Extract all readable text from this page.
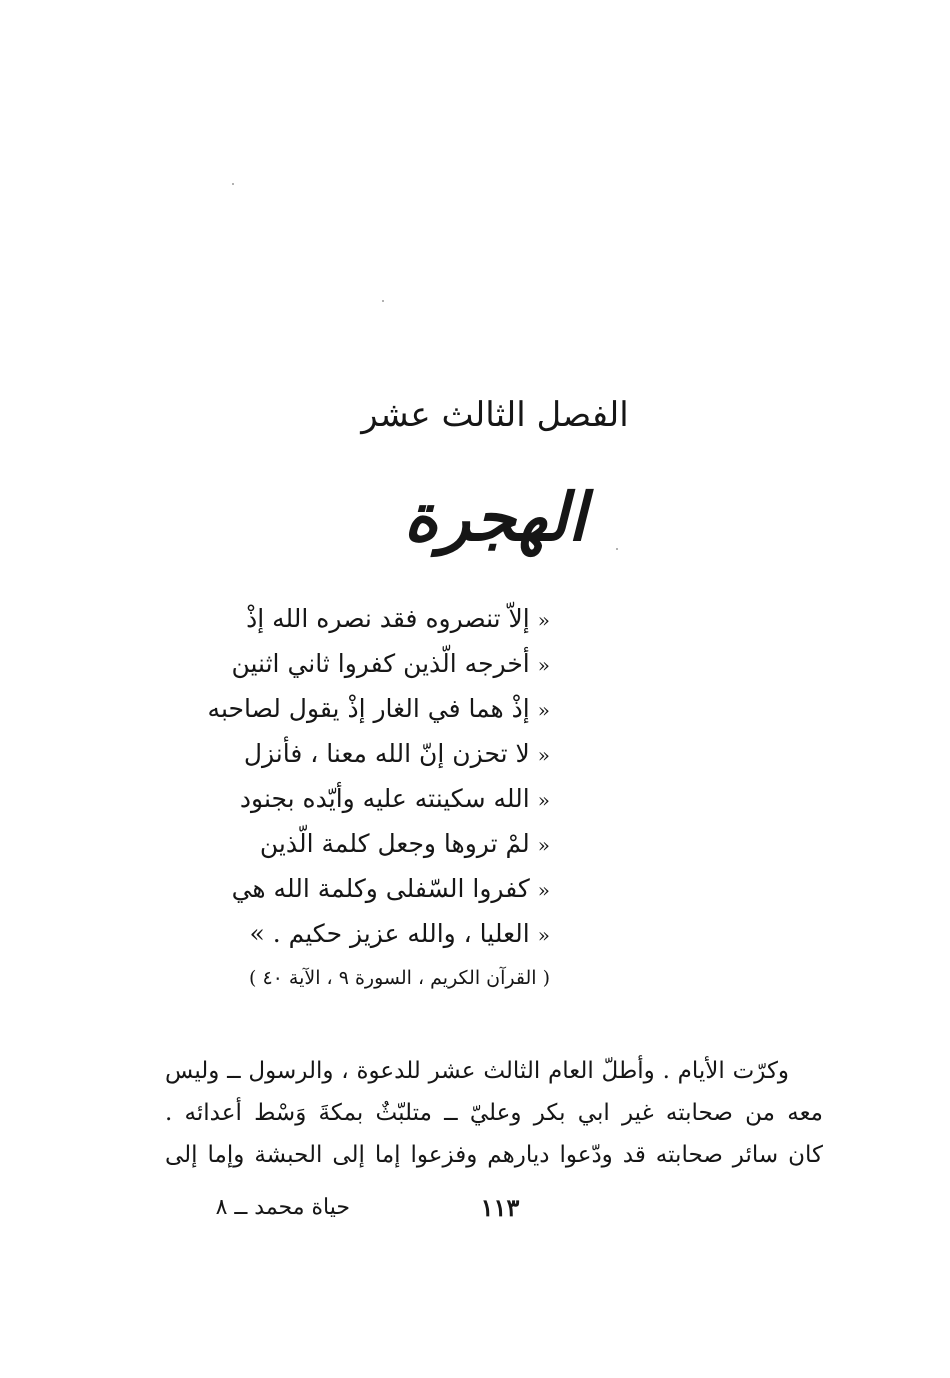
الفصل الثالث عشر
الهجرة
«إلاّ تنصروه فقد نصره الله إذْ
«أخرجه الّذين كفروا ثاني اثنين
«إذْ هما في الغار إذْ يقول لصاحبه
«لا تحزن إنّ الله معنا ، فأنزل
«الله سكينته عليه وأيّده بجنود
«لمْ تروها وجعل كلمة الّذين
«كفروا السّفلى وكلمة الله هي
«العليا ، والله عزيز حكيم . »
( القرآن الكريم ، السورة ٩ ، الآية ٤٠ )
وكرّت الأيام . وأطلّ العام الثالث عشر للدعوة ، والرسول ــ وليس
معه من صحابته غير ابي بكر وعليّ ــ متلبّثٌ بمكةَ وَسْط أعدائه .
كان سائر صحابته قد ودّعوا ديارهم وفزعوا إما إلى الحبشة وإما إلى
١١٣
حياة محمد ــ ٨
